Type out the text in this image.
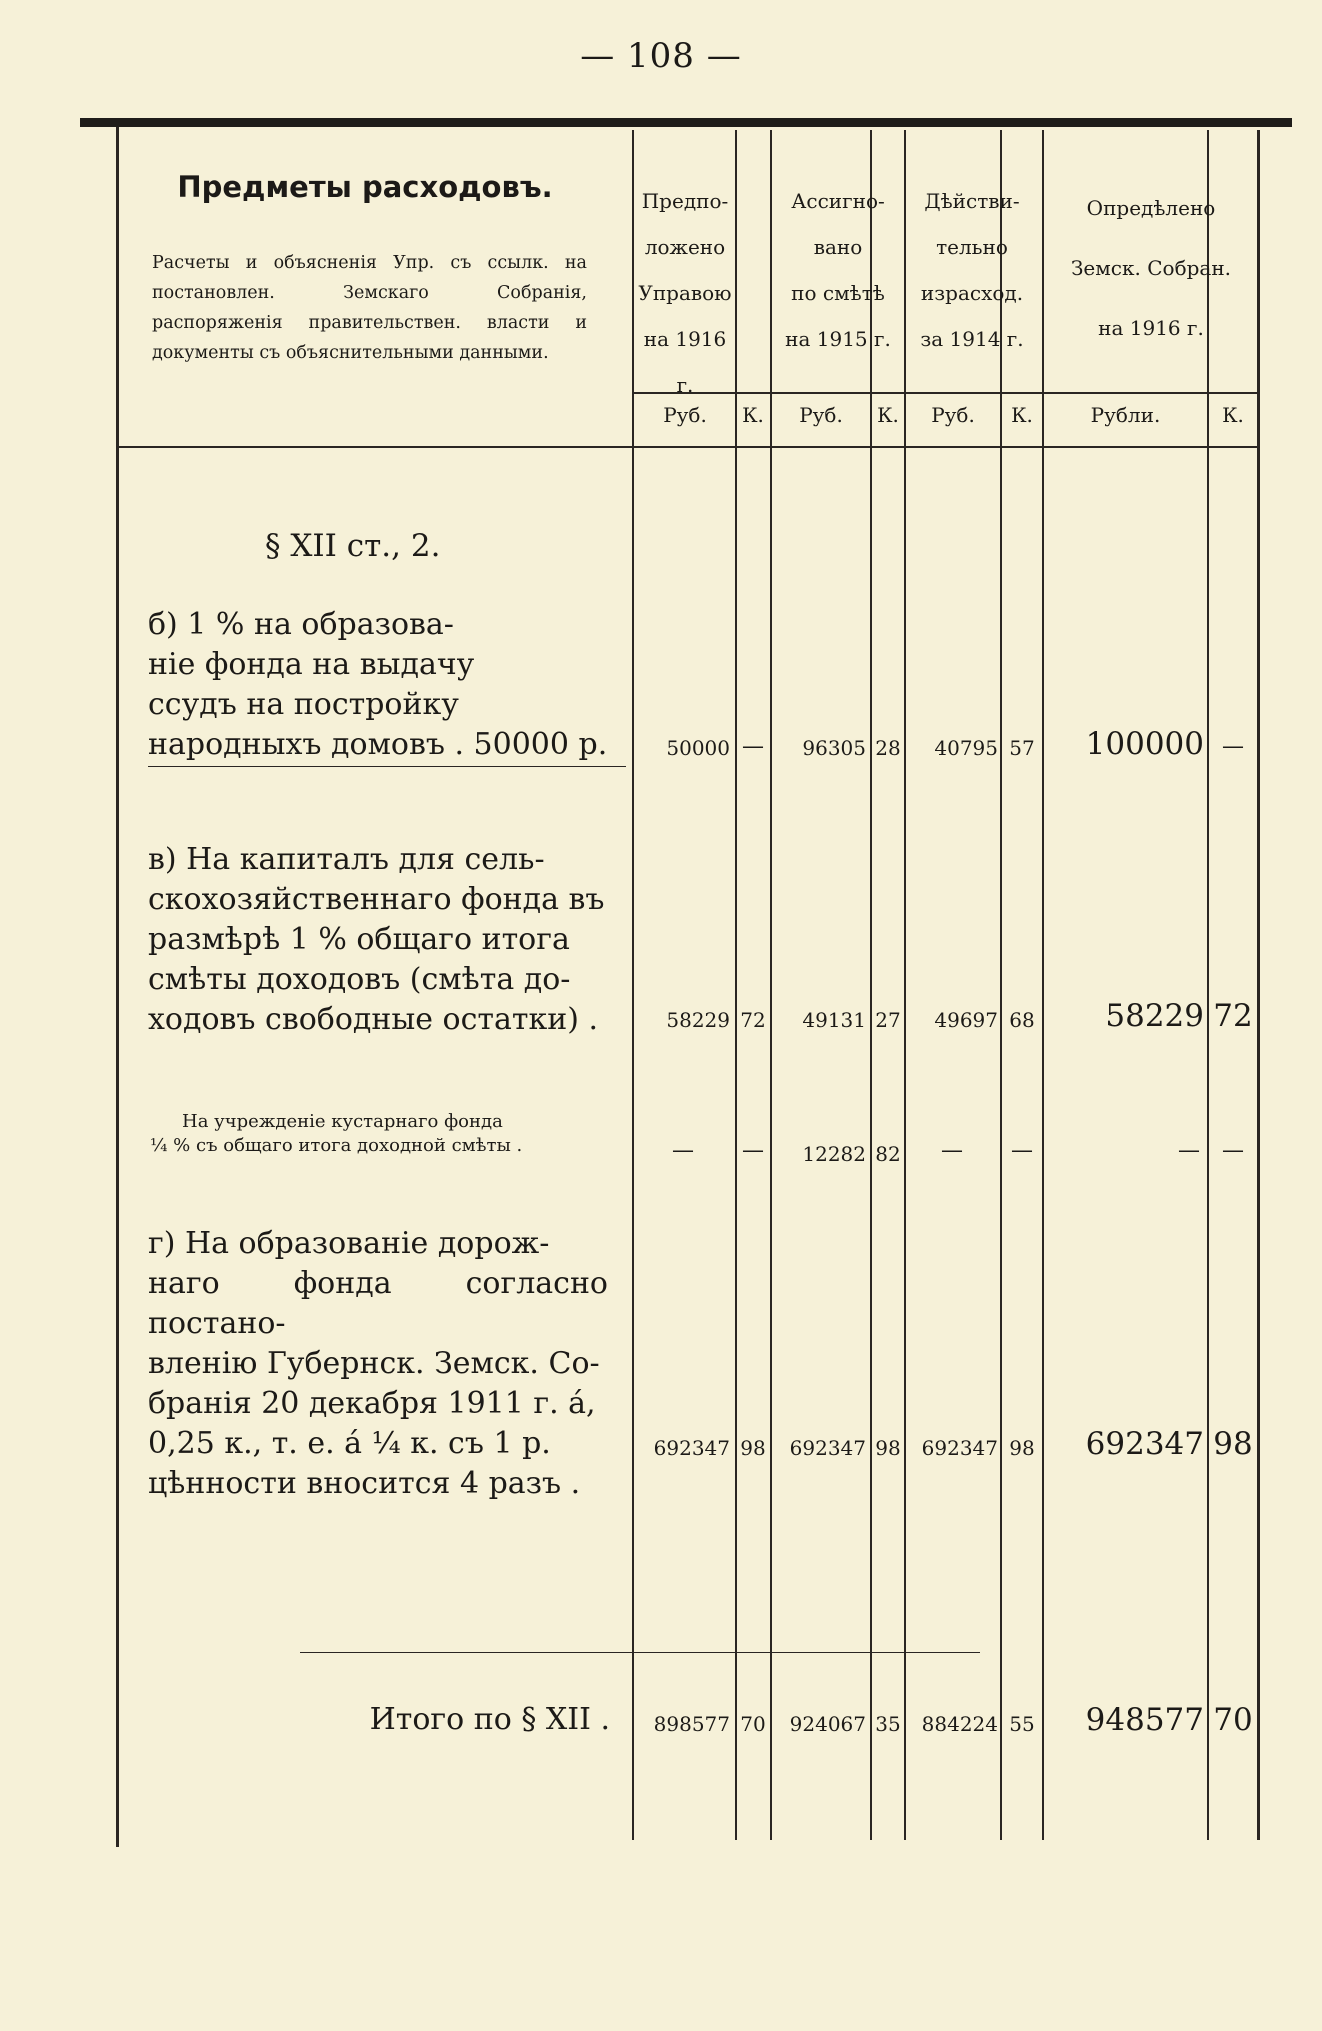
— 108 —
Предметы расходовъ.
Расчеты и объясненія Упр. съ ссылк. на постановлен. Земскаго Собранія, распоряженія правительствен. власти и документы съ объяснительными данными.
Предпо-
ложено
Управою
на 1916 г.
Ассигно-
вано
по смѣтѣ
на 1915 г.
Дѣйстви-
тельно
израсход.
за 1914 г.
Опредѣлено
Земск. Собран.
на 1916 г.
Руб.	К.	Руб.	К.	Руб.	К.	Рубли.	К.
§ XII ст., 2.
б) 1 % на образова-
ніе фонда на выдачу
ссудъ на постройку
народныхъ домовъ . 50000 р.	50000 —	96305 28	40795 57	100000 —
в) На капиталъ для сель-
скохозяйственнаго фонда въ
размѣрѣ 1 % общаго итога
смѣты доходовъ (смѣта до-
ходовъ свободные остатки) .	58229 72	49131 27	49697 68	58229 72
На учрежденіе кустарнаго фонда
¼ % съ общаго итога доходной смѣты .	—	—	12282 82	—	—	—	—
г) На образованіе дорож-
наго фонда согласно постано-
вленію Губернск. Земск. Со-
бранія 20 декабря 1911 г. á,
0,25 к., т. е. á ¼ к. съ 1 р.
цѣнности вносится 4 разъ .
692347 98	692347 98	692347 98	692347 98
Итого по § XII .	898577 70	924067 35	884224 55	948577 70
